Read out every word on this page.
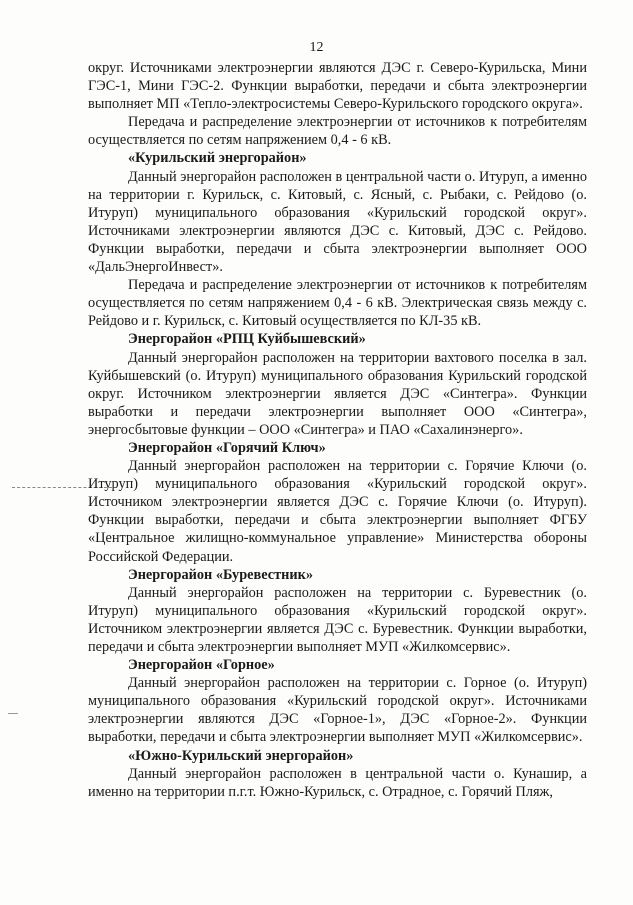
12

округ. Источниками электроэнергии являются ДЭС г. Северо-Курильска, Мини ГЭС-1, Мини ГЭС-2. Функции выработки, передачи и сбыта электроэнергии выполняет МП «Тепло-электросистемы Северо-Курильского городского округа».

Передача и распределение электроэнергии от источников к потребителям осуществляется по сетям напряжением 0,4 - 6 кВ.

«Курильский энергорайон»

Данный энергорайон расположен в центральной части о. Итуруп, а именно на территории г. Курильск, с. Китовый, с. Ясный, с. Рыбаки, с. Рейдово (о. Итуруп) муниципального образования «Курильский городской округ». Источниками электроэнергии являются ДЭС с. Китовый, ДЭС с. Рейдово. Функции выработки, передачи и сбыта электроэнергии выполняет ООО «ДальЭнергоИнвест».

Передача и распределение электроэнергии от источников к потребителям осуществляется по сетям напряжением 0,4 - 6 кВ. Электрическая связь между с. Рейдово и г. Курильск, с. Китовый осуществляется по КЛ-35 кВ.

Энергорайон «РПЦ Куйбышевский»

Данный энергорайон расположен на территории вахтового поселка в зал. Куйбышевский (о. Итуруп) муниципального образования Курильский городской округ. Источником электроэнергии является ДЭС «Синтегра». Функции выработки и передачи электроэнергии выполняет ООО «Синтегра», энергосбытовые функции – ООО «Синтегра» и ПАО «Сахалинэнерго».

Энергорайон «Горячий Ключ»

Данный энергорайон расположен на территории с. Горячие Ключи (о. Итуруп) муниципального образования «Курильский городской округ». Источником электроэнергии является ДЭС с. Горячие Ключи (о. Итуруп). Функции выработки, передачи и сбыта электроэнергии выполняет ФГБУ «Центральное жилищно-коммунальное управление» Министерства обороны Российской Федерации.

Энергорайон «Буревестник»

Данный энергорайон расположен на территории с. Буревестник (о. Итуруп) муниципального образования «Курильский городской округ». Источником электроэнергии является ДЭС с. Буревестник. Функции выработки, передачи и сбыта электроэнергии выполняет МУП «Жилкомсервис».

Энергорайон «Горное»

Данный энергорайон расположен на территории с. Горное (о. Итуруп) муниципального образования «Курильский городской округ». Источниками электроэнергии являются ДЭС «Горное-1», ДЭС «Горное-2». Функции выработки, передачи и сбыта электроэнергии выполняет МУП «Жилкомсервис».

«Южно-Курильский энергорайон»

Данный энергорайон расположен в центральной части о. Кунашир, а именно на территории п.г.т. Южно-Курильск, с. Отрадное, с. Горячий Пляж,
